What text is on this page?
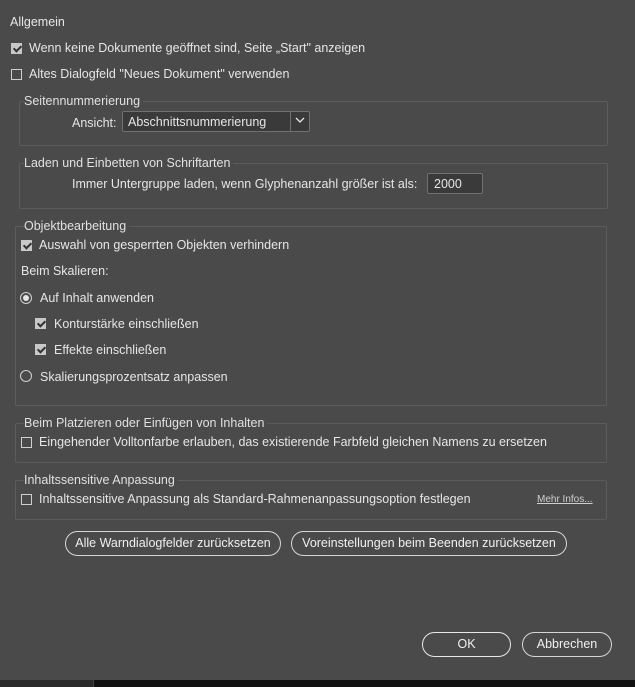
Allgemein
Wenn keine Dokumente geöffnet sind, Seite „Start" anzeigen
Altes Dialogfeld "Neues Dokument" verwenden
Seitennummerierung
Ansicht: Abschnittsnummerierung
Laden und Einbetten von Schriftarten
Immer Untergruppe laden, wenn Glyphenanzahl größer ist als:
2000
Objektbearbeitung
Auswahl von gesperrten Objekten verhindern
Beim Skalieren:
Auf Inhalt anwenden
Konturstärke einschließen
Effekte einschließen
Skalierungsprozentsatz anpassen
Beim Platzieren oder Einfügen von Inhalten
Eingehender Volltonfarbe erlauben, das existierende Farbfeld gleichen Namens zu ersetzen
Inhaltssensitive Anpassung
Inhaltssensitive Anpassung als Standard-Rahmenanpassungsoption festlegen	Mehr Infos...
Alle Warndialogfelder zurücksetzen	Voreinstellungen beim Beenden zurücksetzen
OK	Abbrechen
